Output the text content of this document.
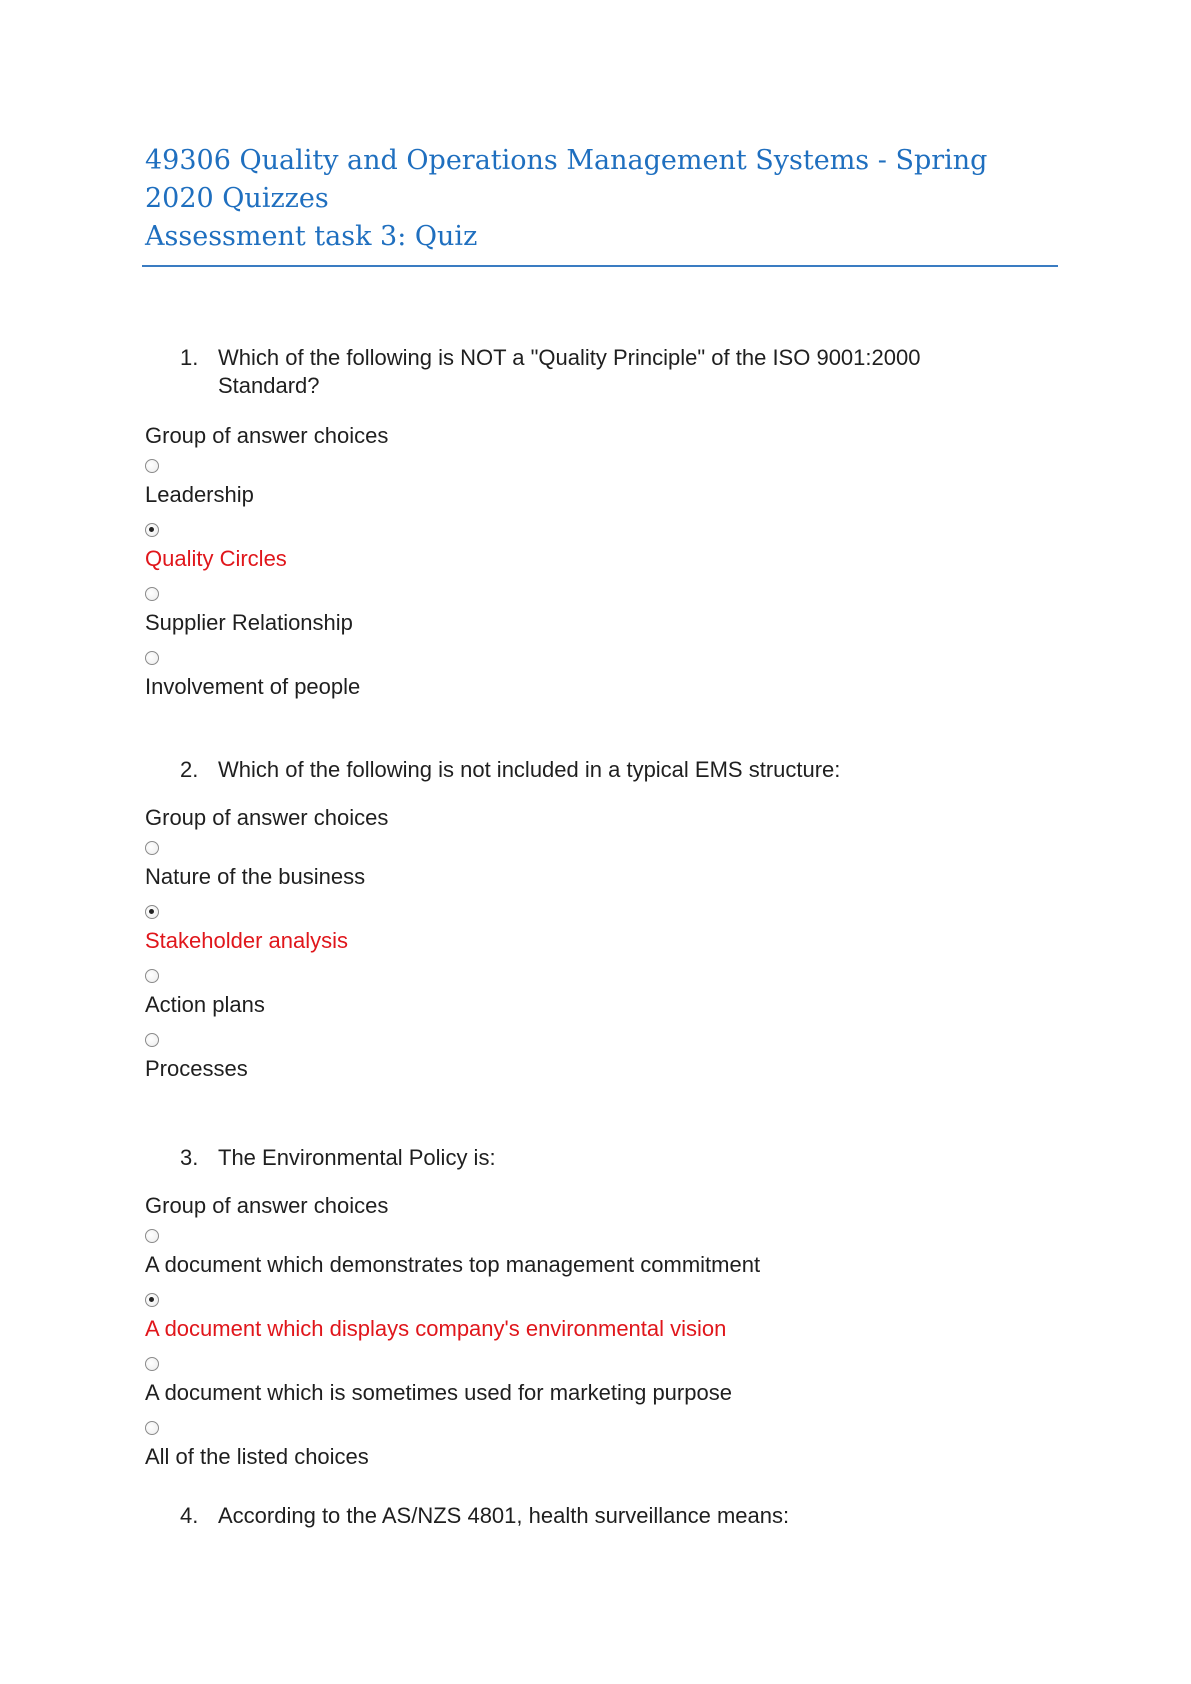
49306 Quality and Operations Management Systems - Spring
2020 Quizzes
Assessment task 3: Quiz
1. Which of the following is NOT a "Quality Principle" of the ISO 9001:2000
Standard?

Group of answer choices

Leadership
Quality Circles
Supplier Relationship
Involvement of people
2. Which of the following is not included in a typical EMS structure:

Group of answer choices

Nature of the business
Stakeholder analysis
Action plans
Processes
3. The Environmental Policy is:

Group of answer choices

A document which demonstrates top management commitment
A document which displays company's environmental vision
A document which is sometimes used for marketing purpose
All of the listed choices
4. According to the AS/NZS 4801, health surveillance means:
